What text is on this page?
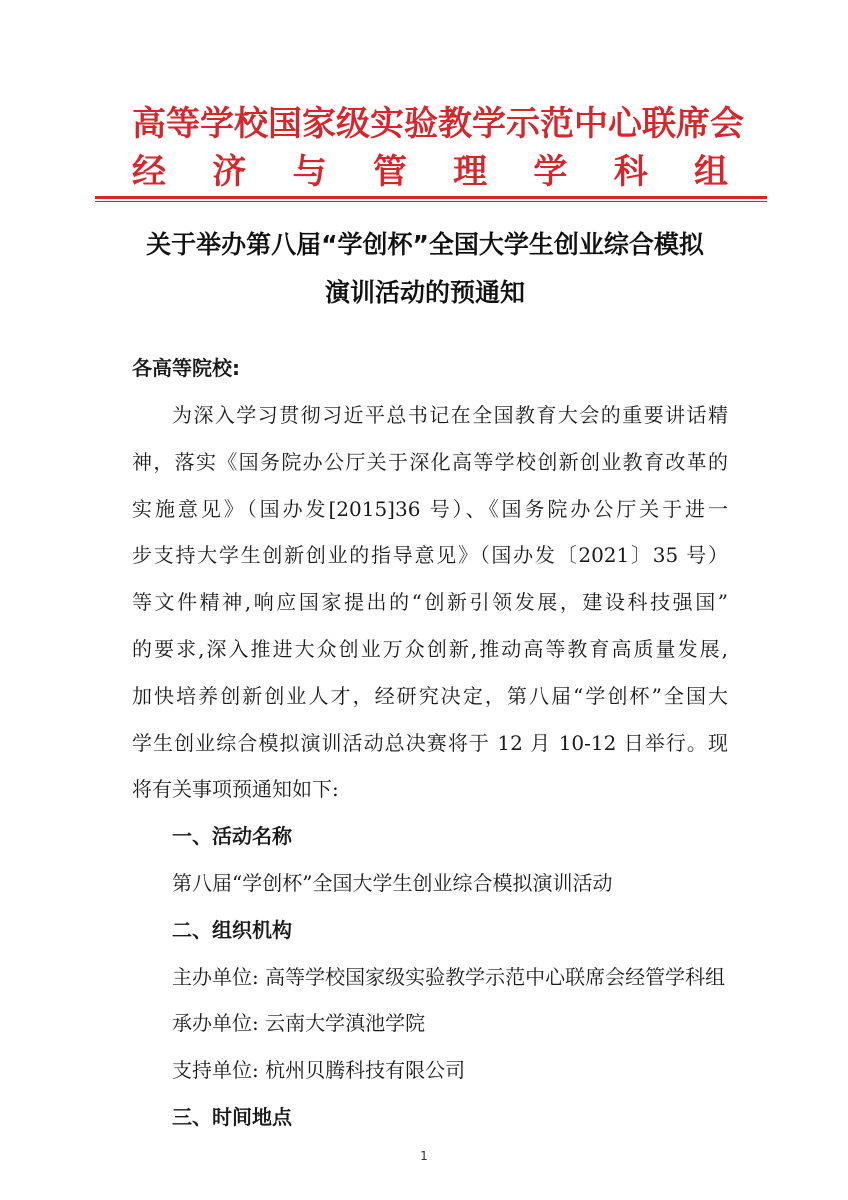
高等学校国家级实验教学示范中心联席会
经 济 与 管 理 学 科 组
关于举办第八届“学创杯”全国大学生创业综合模拟
演训活动的预通知
各高等院校:
为深入学习贯彻习近平总书记在全国教育大会的重要讲话精
神，落实《国务院办公厅关于深化高等学校创新创业教育改革的
实施意见》（国办发[2015]36 号）、《国务院办公厅关于进一
步支持大学生创新创业的指导意见》（国办发〔2021〕35 号）
等文件精神,响应国家提出的“创新引领发展，建设科技强国”
的要求,深入推进大众创业万众创新,推动高等教育高质量发展,
加快培养创新创业人才，经研究决定，第八届“学创杯”全国大
学生创业综合模拟演训活动总决赛将于 12 月 10-12 日举行。现
将有关事项预通知如下:
一、活动名称
第八届“学创杯”全国大学生创业综合模拟演训活动
二、组织机构
主办单位: 高等学校国家级实验教学示范中心联席会经管学科组
承办单位: 云南大学滇池学院
支持单位: 杭州贝腾科技有限公司
三、时间地点
1
